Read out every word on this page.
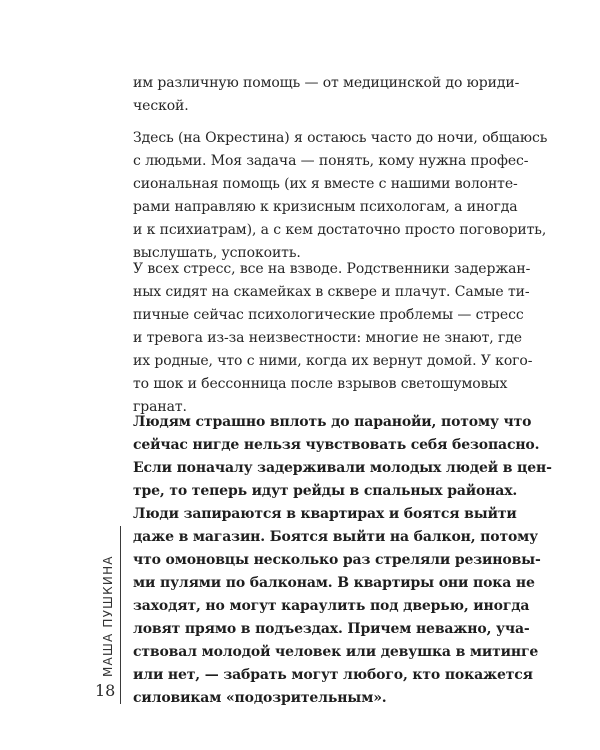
им различную помощь — от медицинской до юриди-
ческой.
Здесь (на Окрестина) я остаюсь часто до ночи, общаюсь
с людьми. Моя задача — понять, кому нужна профес-
сиональная помощь (их я вместе с нашими волонте-
рами направляю к кризисным психологам, а иногда
и к психиатрам), а с кем достаточно просто поговорить,
выслушать, успокоить.
У всех стресс, все на взводе. Родственники задержан-
ных сидят на скамейках в сквере и плачут. Самые ти-
пичные сейчас психологические проблемы — стресс
и тревога из-за неизвестности: многие не знают, где
их родные, что с ними, когда их вернут домой. У кого-
то шок и бессонница после взрывов светошумовых
гранат.
Людям страшно вплоть до паранойи, потому что
сейчас нигде нельзя чувствовать себя безопасно.
Если поначалу задерживали молодых людей в цен-
тре, то теперь идут рейды в спальных районах.
Люди запираются в квартирах и боятся выйти
даже в магазин. Боятся выйти на балкон, потому
что омоновцы несколько раз стреляли резиновы-
ми пулями по балконам. В квартиры они пока не
заходят, но могут караулить под дверью, иногда
ловят прямо в подъездах. Причем неважно, уча-
ствовал молодой человек или девушка в митинге
или нет, — забрать могут любого, кто покажется
силовикам «подозрительным».
МАША ПУШКИНА
18
